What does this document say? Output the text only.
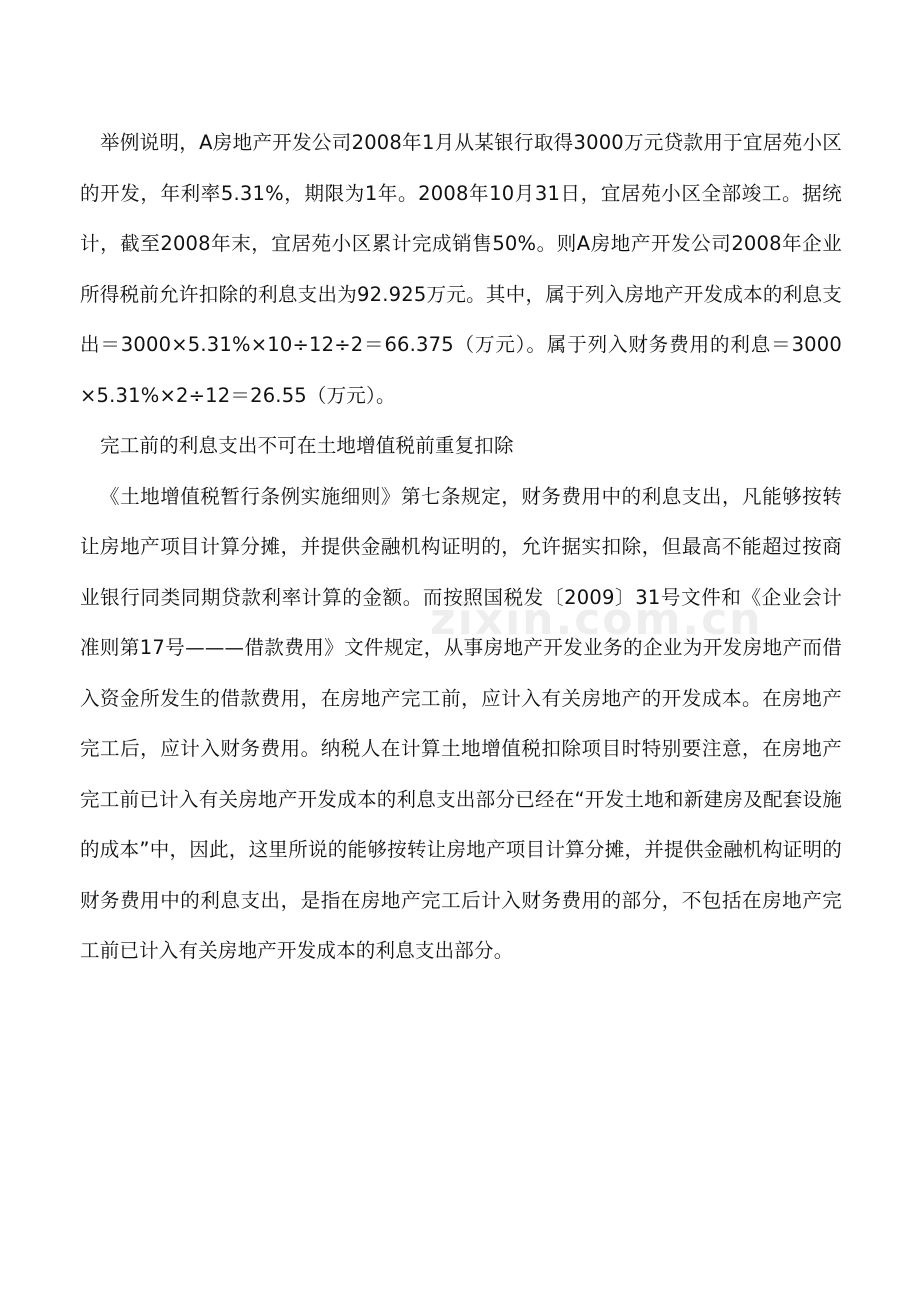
举例说明，A房地产开发公司2008年1月从某银行取得3000万元贷款用于宜居苑小区的开发，年利率5.31%，期限为1年。2008年10月31日，宜居苑小区全部竣工。据统计，截至2008年末，宜居苑小区累计完成销售50%。则A房地产开发公司2008年企业所得税前允许扣除的利息支出为92.925万元。其中，属于列入房地产开发成本的利息支出＝3000×5.31%×10÷12÷2＝66.375（万元）。属于列入财务费用的利息＝3000×5.31%×2÷12＝26.55（万元）。

完工前的利息支出不可在土地增值税前重复扣除

《土地增值税暂行条例实施细则》第七条规定，财务费用中的利息支出，凡能够按转让房地产项目计算分摊，并提供金融机构证明的，允许据实扣除，但最高不能超过按商业银行同类同期贷款利率计算的金额。而按照国税发〔2009〕31号文件和《企业会计准则第17号———借款费用》文件规定，从事房地产开发业务的企业为开发房地产而借入资金所发生的借款费用，在房地产完工前，应计入有关房地产的开发成本。在房地产完工后，应计入财务费用。纳税人在计算土地增值税扣除项目时特别要注意，在房地产完工前已计入有关房地产开发成本的利息支出部分已经在“开发土地和新建房及配套设施的成本”中，因此，这里所说的能够按转让房地产项目计算分摊，并提供金融机构证明的财务费用中的利息支出，是指在房地产完工后计入财务费用的部分，不包括在房地产完工前已计入有关房地产开发成本的利息支出部分。

zixin.com.cn
